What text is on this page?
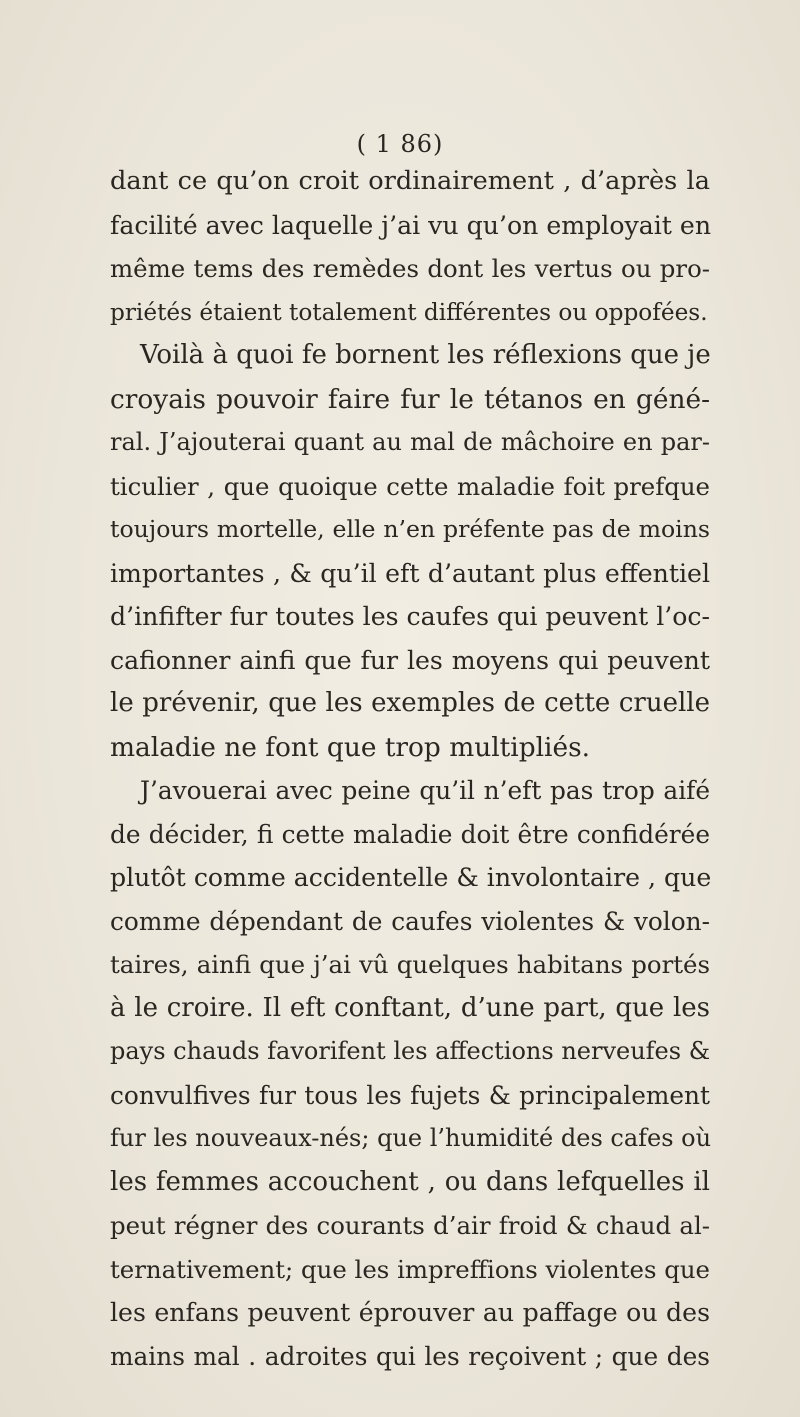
( 1 86)
dant ce qu’on croit ordinairement , d’après la
facilité avec laquelle j’ai vu qu’on employait en
même tems des remèdes dont les vertus ou pro-
priétés étaient totalement différentes ou oppofées.
Voilà à quoi fe bornent les réflexions que je
croyais pouvoir faire fur le tétanos en géné-
ral. J’ajouterai quant au mal de mâchoire en par-
ticulier , que quoique cette maladie foit prefque
toujours mortelle, elle n’en préfente pas de moins
importantes , & qu’il eft d’autant plus effentiel
d’infifter fur toutes les caufes qui peuvent l’oc-
cafionner ainfi que fur les moyens qui peuvent
le prévenir, que les exemples de cette cruelle
maladie ne font que trop multipliés.
J’avouerai avec peine qu’il n’eft pas trop aifé
de décider, fi cette maladie doit être confidérée
plutôt comme accidentelle & involontaire , que
comme dépendant de caufes violentes & volon-
taires, ainfi que j’ai vû quelques habitans portés
à le croire. Il eft conftant, d’une part, que les
pays chauds favorifent les affections nerveufes &
convulfives fur tous les fujets & principalement
fur les nouveaux-nés; que l’humidité des cafes où
les femmes accouchent , ou dans lefquelles il
peut régner des courants d’air froid & chaud al-
ternativement; que les impreffions violentes que
les enfans peuvent éprouver au paffage ou des
mains mal . adroites qui les reçoivent ; que des
